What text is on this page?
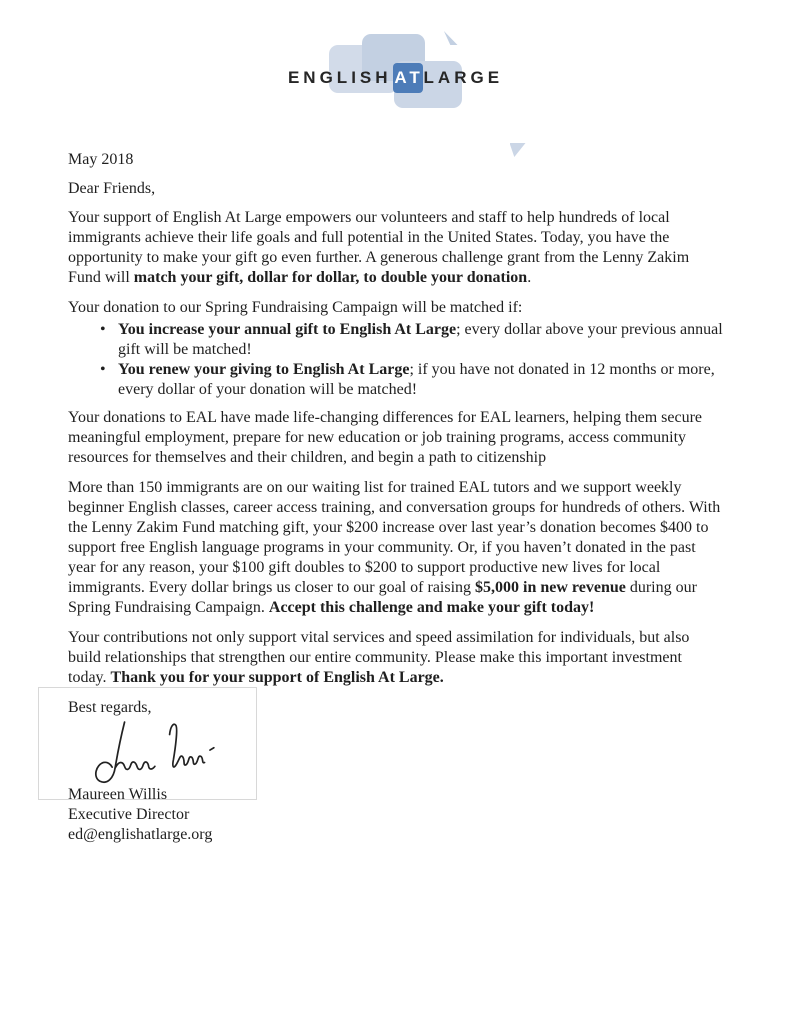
ENGLISH AT LARGE
May 2018
Dear Friends,
Your support of English At Large empowers our volunteers and staff to help hundreds of local immigrants achieve their life goals and full potential in the United States. Today, you have the opportunity to make your gift go even further. A generous challenge grant from the Lenny Zakim Fund will match your gift, dollar for dollar, to double your donation.
Your donation to our Spring Fundraising Campaign will be matched if:
• You increase your annual gift to English At Large; every dollar above your previous annual gift will be matched!
• You renew your giving to English At Large; if you have not donated in 12 months or more, every dollar of your donation will be matched!
Your donations to EAL have made life-changing differences for EAL learners, helping them secure meaningful employment, prepare for new education or job training programs, access community resources for themselves and their children, and begin a path to citizenship
More than 150 immigrants are on our waiting list for trained EAL tutors and we support weekly beginner English classes, career access training, and conversation groups for hundreds of others. With the Lenny Zakim Fund matching gift, your $200 increase over last year’s donation becomes $400 to support free English language programs in your community. Or, if you haven’t donated in the past year for any reason, your $100 gift doubles to $200 to support productive new lives for local immigrants. Every dollar brings us closer to our goal of raising $5,000 in new revenue during our Spring Fundraising Campaign. Accept this challenge and make your gift today!
Your contributions not only support vital services and speed assimilation for individuals, but also build relationships that strengthen our entire community. Please make this important investment today. Thank you for your support of English At Large.
Best regards,
Maureen Willis
Executive Director
ed@englishatlarge.org
